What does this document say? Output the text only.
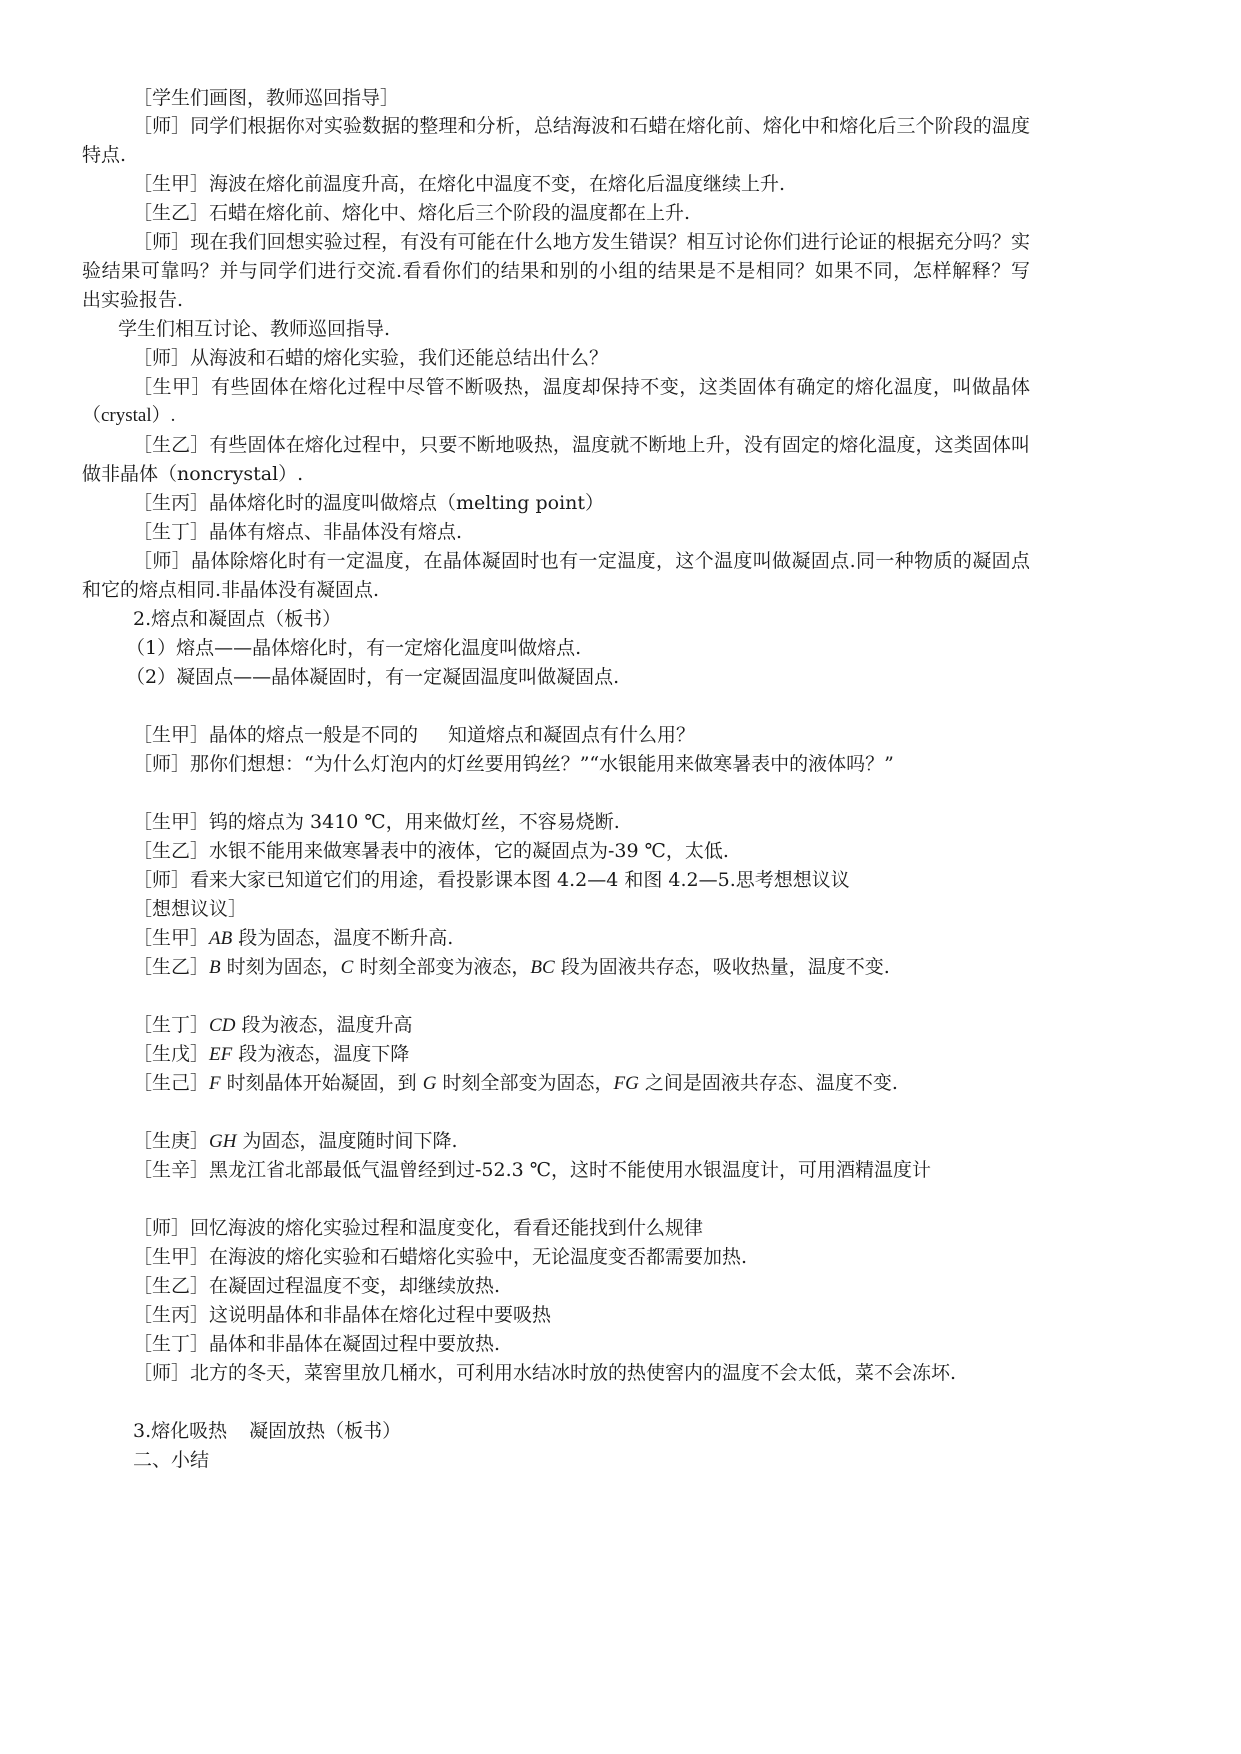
［学生们画图，教师巡回指导］
［师］同学们根据你对实验数据的整理和分析，总结海波和石蜡在熔化前、熔化中和熔化后三个阶段的温度
特点.
［生甲］海波在熔化前温度升高，在熔化中温度不变，在熔化后温度继续上升.
［生乙］石蜡在熔化前、熔化中、熔化后三个阶段的温度都在上升.
［师］现在我们回想实验过程，有没有可能在什么地方发生错误？相互讨论你们进行论证的根据充分吗？实
验结果可靠吗？并与同学们进行交流.看看你们的结果和别的小组的结果是不是相同？如果不同，怎样解释？写
出实验报告.
学生们相互讨论、教师巡回指导.
［师］从海波和石蜡的熔化实验，我们还能总结出什么？
［生甲］有些固体在熔化过程中尽管不断吸热，温度却保持不变，这类固体有确定的熔化温度，叫做晶体
（crystal）.
［生乙］有些固体在熔化过程中，只要不断地吸热，温度就不断地上升，没有固定的熔化温度，这类固体叫
做非晶体（noncrystal）.
［生丙］晶体熔化时的温度叫做熔点（melting point）
［生丁］晶体有熔点、非晶体没有熔点.
［师］晶体除熔化时有一定温度，在晶体凝固时也有一定温度，这个温度叫做凝固点.同一种物质的凝固点
和它的熔点相同.非晶体没有凝固点.
2.熔点和凝固点（板书）
（1）熔点——晶体熔化时，有一定熔化温度叫做熔点.
（2）凝固点——晶体凝固时，有一定凝固温度叫做凝固点.
［生甲］晶体的熔点一般是不同的 知道熔点和凝固点有什么用？
［师］那你们想想：“为什么灯泡内的灯丝要用钨丝？”“水银能用来做寒暑表中的液体吗？”
［生甲］钨的熔点为 3410 ℃，用来做灯丝，不容易烧断.
［生乙］水银不能用来做寒暑表中的液体，它的凝固点为-39 ℃，太低.
［师］看来大家已知道它们的用途，看投影课本图 4.2—4 和图 4.2—5.思考想想议议
［想想议议］
［生甲］AB 段为固态，温度不断升高.
［生乙］B 时刻为固态，C 时刻全部变为液态，BC 段为固液共存态，吸收热量，温度不变.
［生丁］CD 段为液态，温度升高
［生戊］EF 段为液态，温度下降
［生己］F 时刻晶体开始凝固，到 G 时刻全部变为固态，FG 之间是固液共存态、温度不变.
［生庚］GH 为固态，温度随时间下降.
［生辛］黑龙江省北部最低气温曾经到过-52.3 ℃，这时不能使用水银温度计，可用酒精温度计
［师］回忆海波的熔化实验过程和温度变化，看看还能找到什么规律
［生甲］在海波的熔化实验和石蜡熔化实验中，无论温度变否都需要加热.
［生乙］在凝固过程温度不变，却继续放热.
［生丙］这说明晶体和非晶体在熔化过程中要吸热
［生丁］晶体和非晶体在凝固过程中要放热.
［师］北方的冬天，菜窖里放几桶水，可利用水结冰时放的热使窖内的温度不会太低，菜不会冻坏.
3.熔化吸热 凝固放热（板书）
二、小结
